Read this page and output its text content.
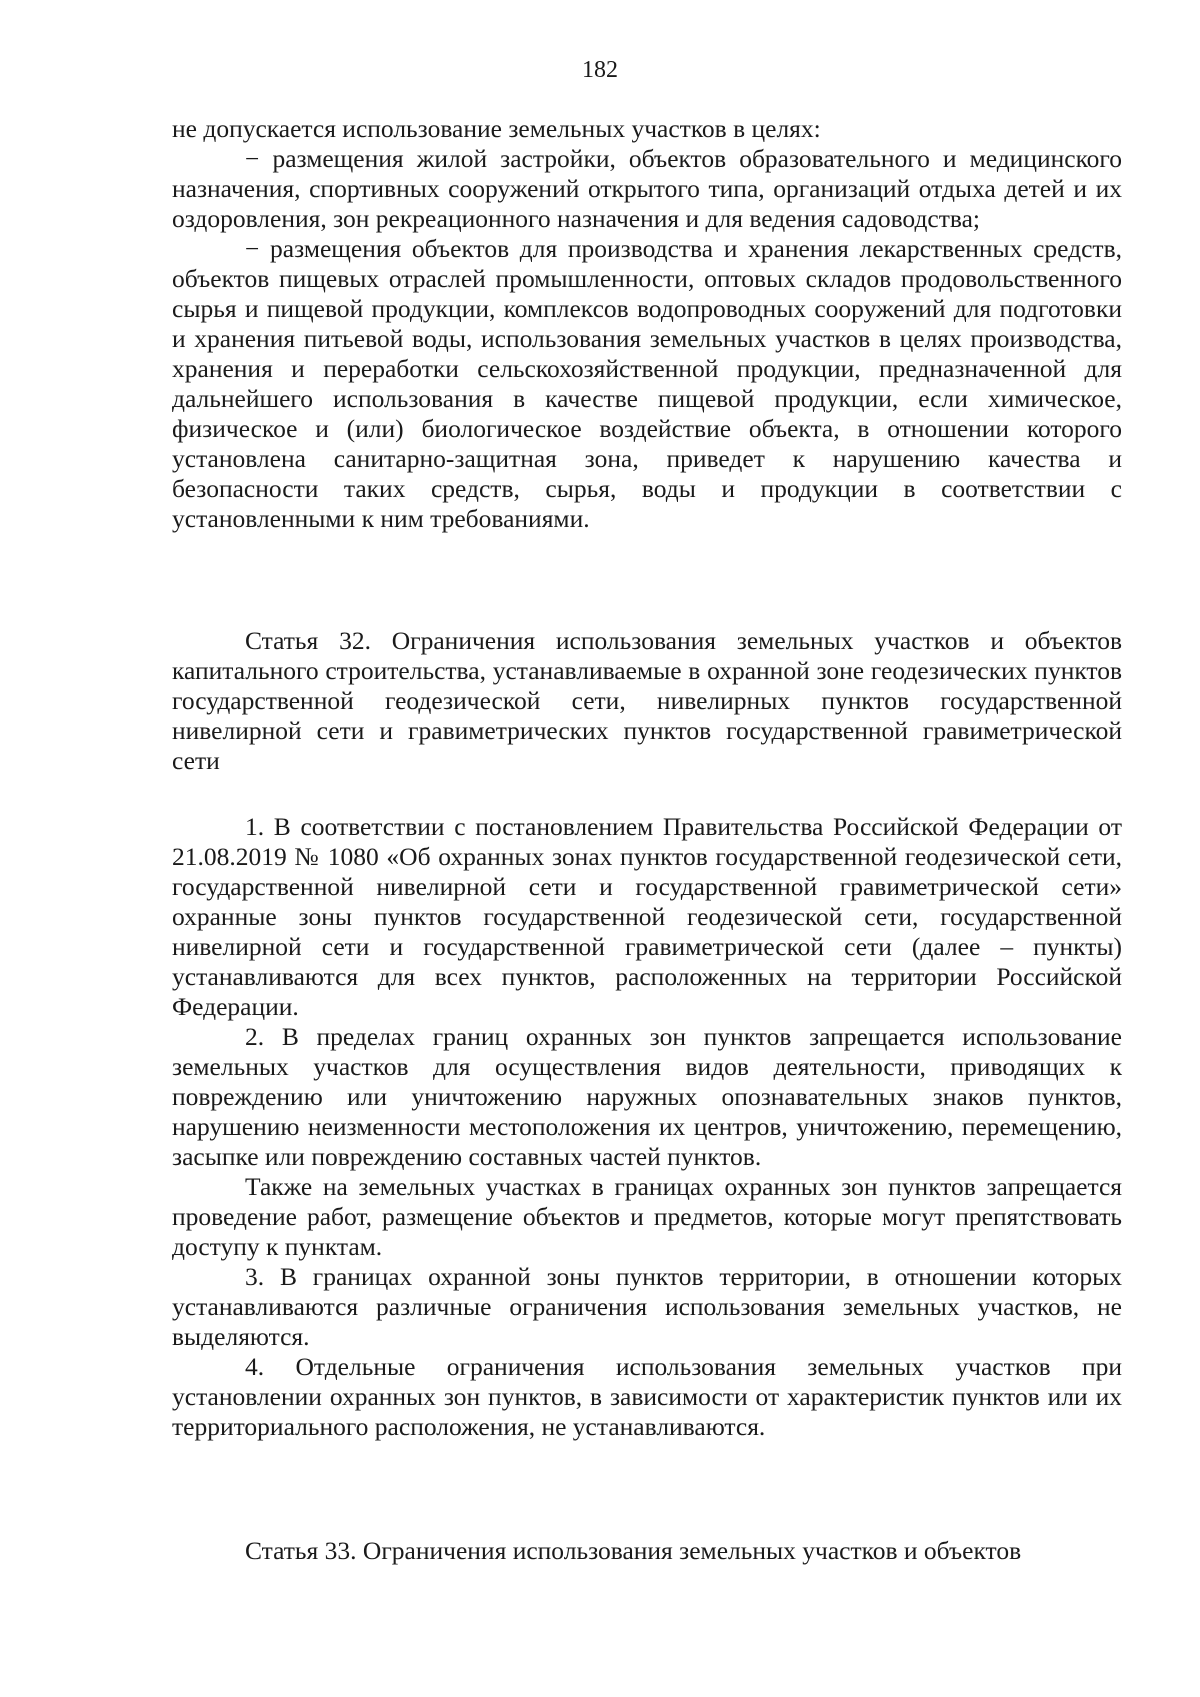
182

не допускается использование земельных участков в целях:

− размещения жилой застройки, объектов образовательного и медицинского назначения, спортивных сооружений открытого типа, организаций отдыха детей и их оздоровления, зон рекреационного назначения и для ведения садоводства;

− размещения объектов для производства и хранения лекарственных средств, объектов пищевых отраслей промышленности, оптовых складов продовольственного сырья и пищевой продукции, комплексов водопроводных сооружений для подготовки и хранения питьевой воды, использования земельных участков в целях производства, хранения и переработки сельскохозяйственной продукции, предназначенной для дальнейшего использования в качестве пищевой продукции, если химическое, физическое и (или) биологическое воздействие объекта, в отношении которого установлена санитарно-защитная зона, приведет к нарушению качества и безопасности таких средств, сырья, воды и продукции в соответствии с установленными к ним требованиями.

Статья 32. Ограничения использования земельных участков и объектов капитального строительства, устанавливаемые в охранной зоне геодезических пунктов государственной геодезической сети, нивелирных пунктов государственной нивелирной сети и гравиметрических пунктов государственной гравиметрической сети

1. В соответствии с постановлением Правительства Российской Федерации от 21.08.2019 № 1080 «Об охранных зонах пунктов государственной геодезической сети, государственной нивелирной сети и государственной гравиметрической сети» охранные зоны пунктов государственной геодезической сети, государственной нивелирной сети и государственной гравиметрической сети (далее – пункты) устанавливаются для всех пунктов, расположенных на территории Российской Федерации.

2. В пределах границ охранных зон пунктов запрещается использование земельных участков для осуществления видов деятельности, приводящих к повреждению или уничтожению наружных опознавательных знаков пунктов, нарушению неизменности местоположения их центров, уничтожению, перемещению, засыпке или повреждению составных частей пунктов.

Также на земельных участках в границах охранных зон пунктов запрещается проведение работ, размещение объектов и предметов, которые могут препятствовать доступу к пунктам.

3. В границах охранной зоны пунктов территории, в отношении которых устанавливаются различные ограничения использования земельных участков, не выделяются.

4. Отдельные ограничения использования земельных участков при установлении охранных зон пунктов, в зависимости от характеристик пунктов или их территориального расположения, не устанавливаются.

Статья 33. Ограничения использования земельных участков и объектов
